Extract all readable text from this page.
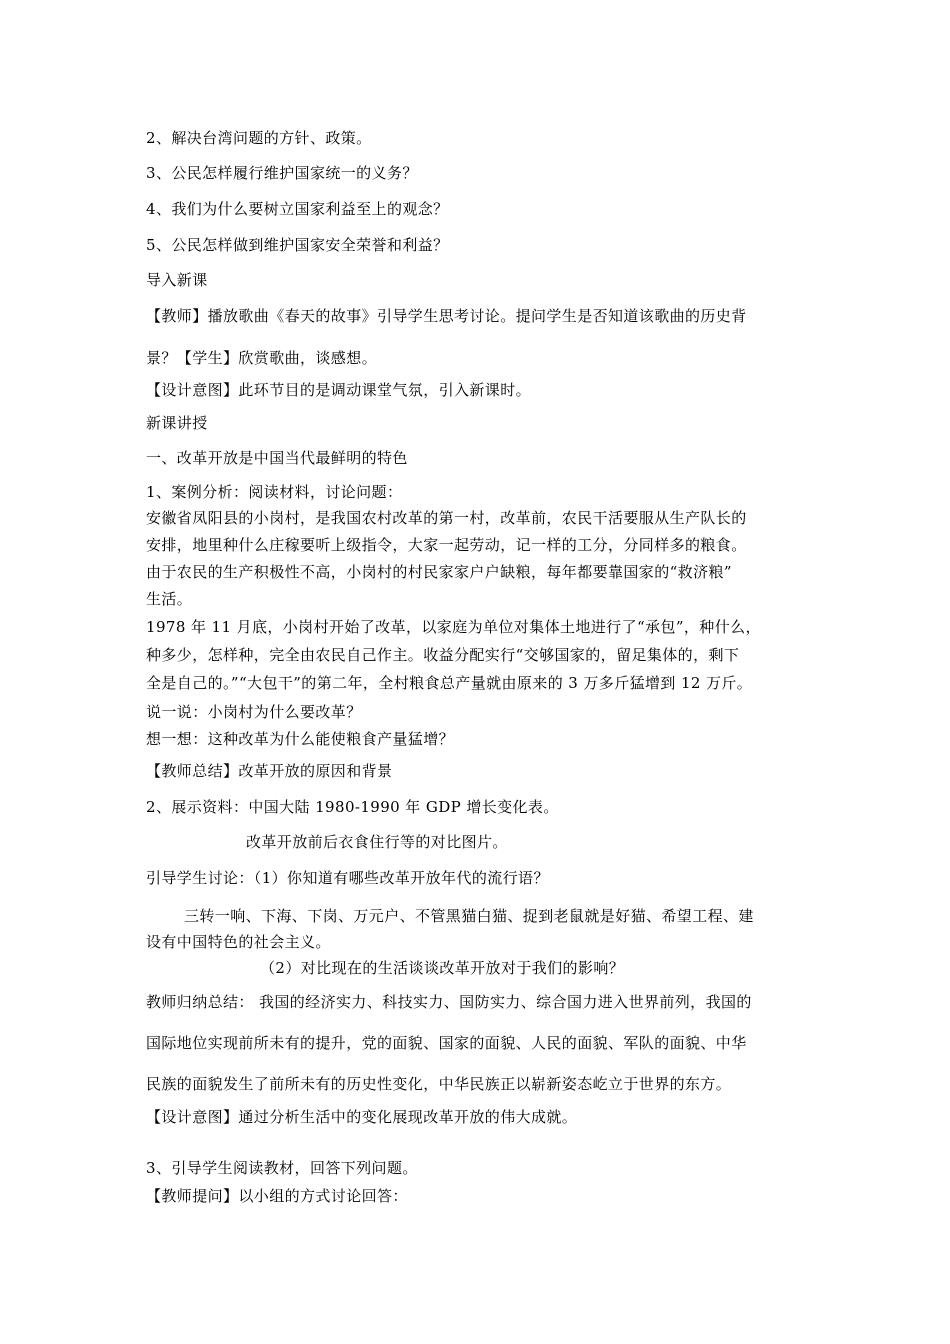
2、解决台湾问题的方针、政策。
3、公民怎样履行维护国家统一的义务？
4、我们为什么要树立国家利益至上的观念？
5、公民怎样做到维护国家安全荣誉和利益？
导入新课
【教师】播放歌曲《春天的故事》引导学生思考讨论。提问学生是否知道该歌曲的历史背
景？【学生】欣赏歌曲，谈感想。
【设计意图】此环节目的是调动课堂气氛，引入新课时。
新课讲授
一、改革开放是中国当代最鲜明的特色
1、案例分析：阅读材料，讨论问题：
安徽省凤阳县的小岗村，是我国农村改革的第一村，改革前，农民干活要服从生产队长的
安排，地里种什么庄稼要听上级指令，大家一起劳动，记一样的工分，分同样多的粮食。
由于农民的生产积极性不高，小岗村的村民家家户户缺粮，每年都要靠国家的“救济粮”
生活。
1978 年 11 月底，小岗村开始了改革，以家庭为单位对集体土地进行了“承包”，种什么，
种多少，怎样种，完全由农民自己作主。收益分配实行“交够国家的，留足集体的，剩下
全是自己的。”“大包干”的第二年，全村粮食总产量就由原来的 3 万多斤猛增到 12 万斤。
说一说：小岗村为什么要改革？
想一想：这种改革为什么能使粮食产量猛增？
【教师总结】改革开放的原因和背景
2、展示资料：中国大陆 1980-1990 年 GDP 增长变化表。
改革开放前后衣食住行等的对比图片。
引导学生讨论：（1）你知道有哪些改革开放年代的流行语？
三转一响、下海、下岗、万元户、不管黑猫白猫、捉到老鼠就是好猫、希望工程、建
设有中国特色的社会主义。
（2）对比现在的生活谈谈改革开放对于我们的影响？
教师归纳总结： 我国的经济实力、科技实力、国防实力、综合国力进入世界前列，我国的
国际地位实现前所未有的提升，党的面貌、国家的面貌、人民的面貌、军队的面貌、中华
民族的面貌发生了前所未有的历史性变化，中华民族正以崭新姿态屹立于世界的东方。
【设计意图】通过分析生活中的变化展现改革开放的伟大成就。
3、引导学生阅读教材，回答下列问题。
【教师提问】以小组的方式讨论回答：
